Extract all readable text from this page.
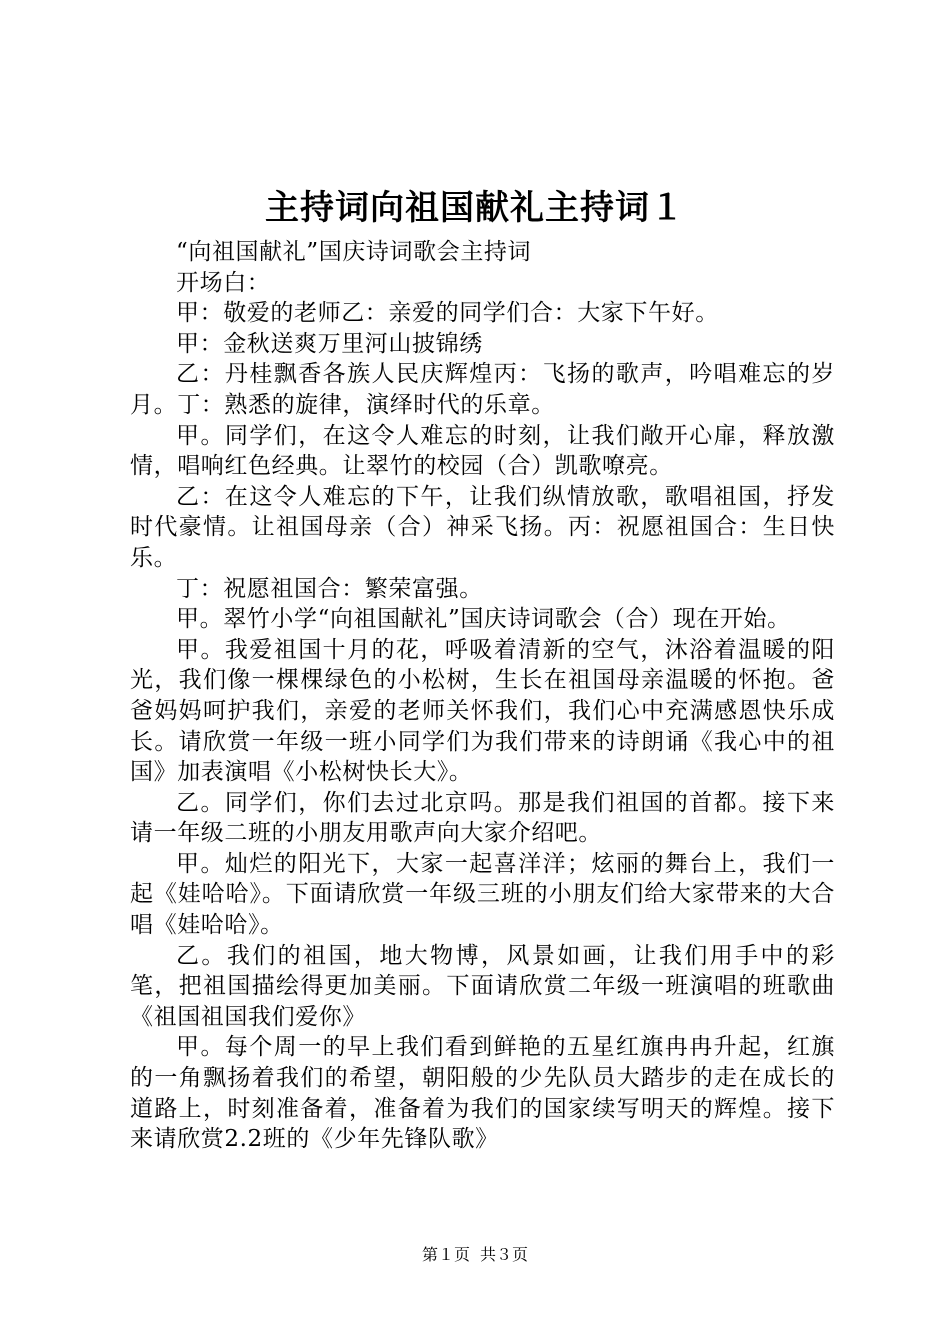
主持词向祖国献礼主持词１

“向祖国献礼”国庆诗词歌会主持词

开场白：

甲：敬爱的老师乙：亲爱的同学们合：大家下午好。

甲：金秋送爽万里河山披锦绣

乙：丹桂飘香各族人民庆辉煌丙：飞扬的歌声，吟唱难忘的岁月。丁：熟悉的旋律，演绎时代的乐章。

甲。同学们，在这令人难忘的时刻，让我们敞开心扉，释放激情，唱响红色经典。让翠竹的校园（合）凯歌嘹亮。

乙：在这令人难忘的下午，让我们纵情放歌，歌唱祖国，抒发时代豪情。让祖国母亲（合）神采飞扬。丙：祝愿祖国合：生日快乐。

丁：祝愿祖国合：繁荣富强。

甲。翠竹小学“向祖国献礼”国庆诗词歌会（合）现在开始。

甲。我爱祖国十月的花，呼吸着清新的空气，沐浴着温暖的阳光，我们像一棵棵绿色的小松树，生长在祖国母亲温暖的怀抱。爸爸妈妈呵护我们，亲爱的老师关怀我们，我们心中充满感恩快乐成长。请欣赏一年级一班小同学们为我们带来的诗朗诵《我心中的祖国》加表演唱《小松树快长大》。

乙。同学们，你们去过北京吗。那是我们祖国的首都。接下来请一年级二班的小朋友用歌声向大家介绍吧。

甲。灿烂的阳光下，大家一起喜洋洋；炫丽的舞台上，我们一起《娃哈哈》。下面请欣赏一年级三班的小朋友们给大家带来的大合唱《娃哈哈》。

乙。我们的祖国，地大物博，风景如画，让我们用手中的彩笔，把祖国描绘得更加美丽。下面请欣赏二年级一班演唱的班歌曲《祖国祖国我们爱你》

甲。每个周一的早上我们看到鲜艳的五星红旗冉冉升起，红旗的一角飘扬着我们的希望，朝阳般的少先队员大踏步的走在成长的道路上，时刻准备着，准备着为我们的国家续写明天的辉煌。接下来请欣赏2.2班的《少年先锋队歌》

第１页 共３页
